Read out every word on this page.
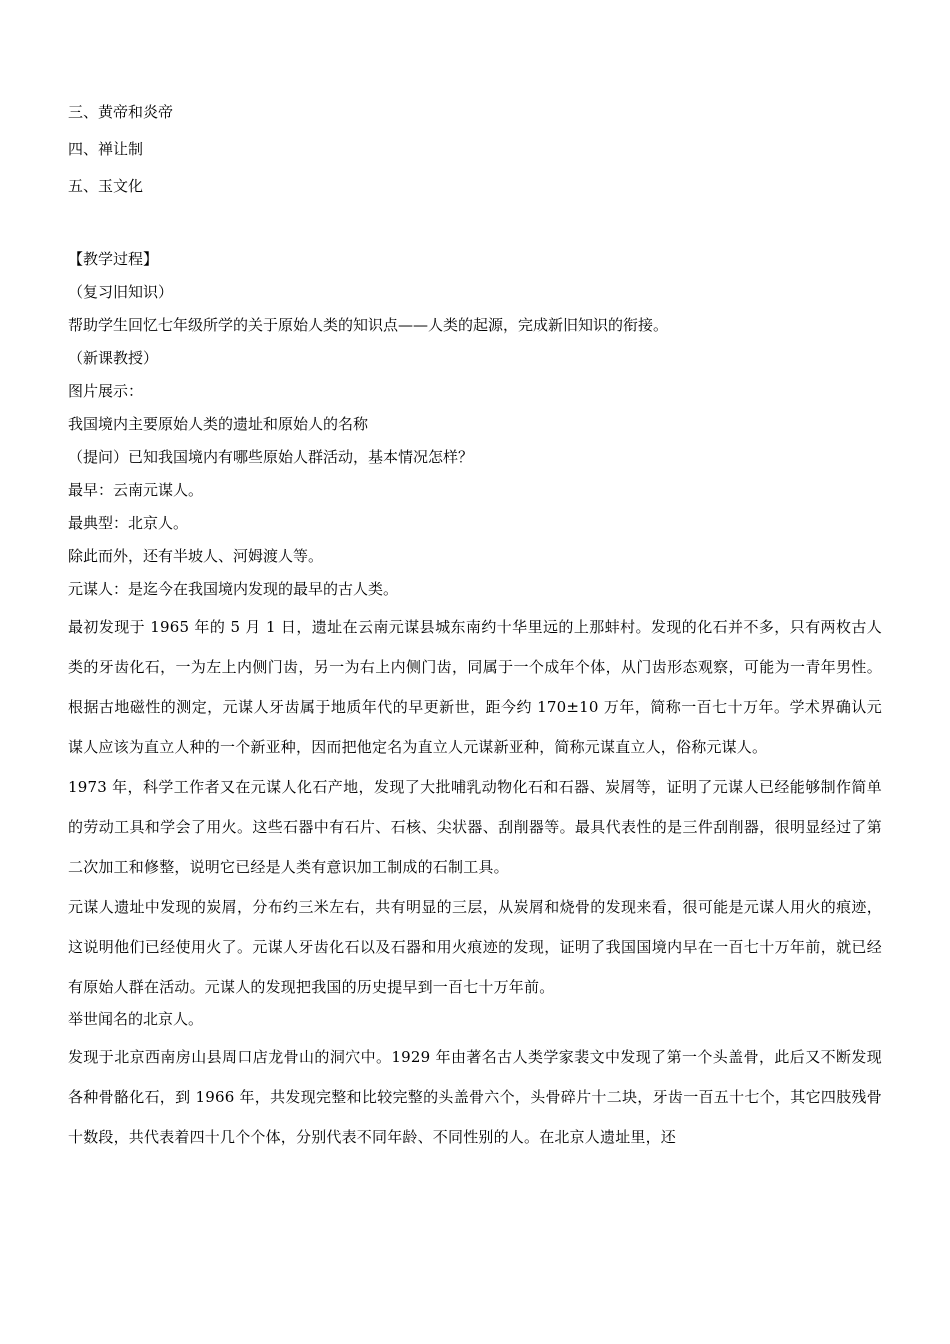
三、黄帝和炎帝

四、禅让制

五、玉文化

【教学过程】

（复习旧知识）

帮助学生回忆七年级所学的关于原始人类的知识点——人类的起源，完成新旧知识的衔接。

（新课教授）

图片展示：

我国境内主要原始人类的遗址和原始人的名称

（提问）已知我国境内有哪些原始人群活动，基本情况怎样？

最早：云南元谋人。

最典型：北京人。

除此而外，还有半坡人、河姆渡人等。

元谋人：是迄今在我国境内发现的最早的古人类。

最初发现于 1965 年的 5 月 1 日，遗址在云南元谋县城东南约十华里远的上那蚌村。发现的化石并不多，只有两枚古人类的牙齿化石，一为左上内侧门齿，另一为右上内侧门齿，同属于一个成年个体，从门齿形态观察，可能为一青年男性。根据古地磁性的测定，元谋人牙齿属于地质年代的早更新世，距今约 170±10 万年，简称一百七十万年。学术界确认元谋人应该为直立人种的一个新亚种，因而把他定名为直立人元谋新亚种，简称元谋直立人，俗称元谋人。

1973 年，科学工作者又在元谋人化石产地，发现了大批哺乳动物化石和石器、炭屑等，证明了元谋人已经能够制作简单的劳动工具和学会了用火。这些石器中有石片、石核、尖状器、刮削器等。最具代表性的是三件刮削器，很明显经过了第二次加工和修整，说明它已经是人类有意识加工制成的石制工具。

元谋人遗址中发现的炭屑，分布约三米左右，共有明显的三层，从炭屑和烧骨的发现来看，很可能是元谋人用火的痕迹，这说明他们已经使用火了。元谋人牙齿化石以及石器和用火痕迹的发现，证明了我国国境内早在一百七十万年前，就已经有原始人群在活动。元谋人的发现把我国的历史提早到一百七十万年前。

举世闻名的北京人。

发现于北京西南房山县周口店龙骨山的洞穴中。1929 年由著名古人类学家裴文中发现了第一个头盖骨，此后又不断发现各种骨骼化石，到 1966 年，共发现完整和比较完整的头盖骨六个，头骨碎片十二块，牙齿一百五十七个，其它四肢残骨十数段，共代表着四十几个个体，分别代表不同年龄、不同性别的人。在北京人遗址里，还
